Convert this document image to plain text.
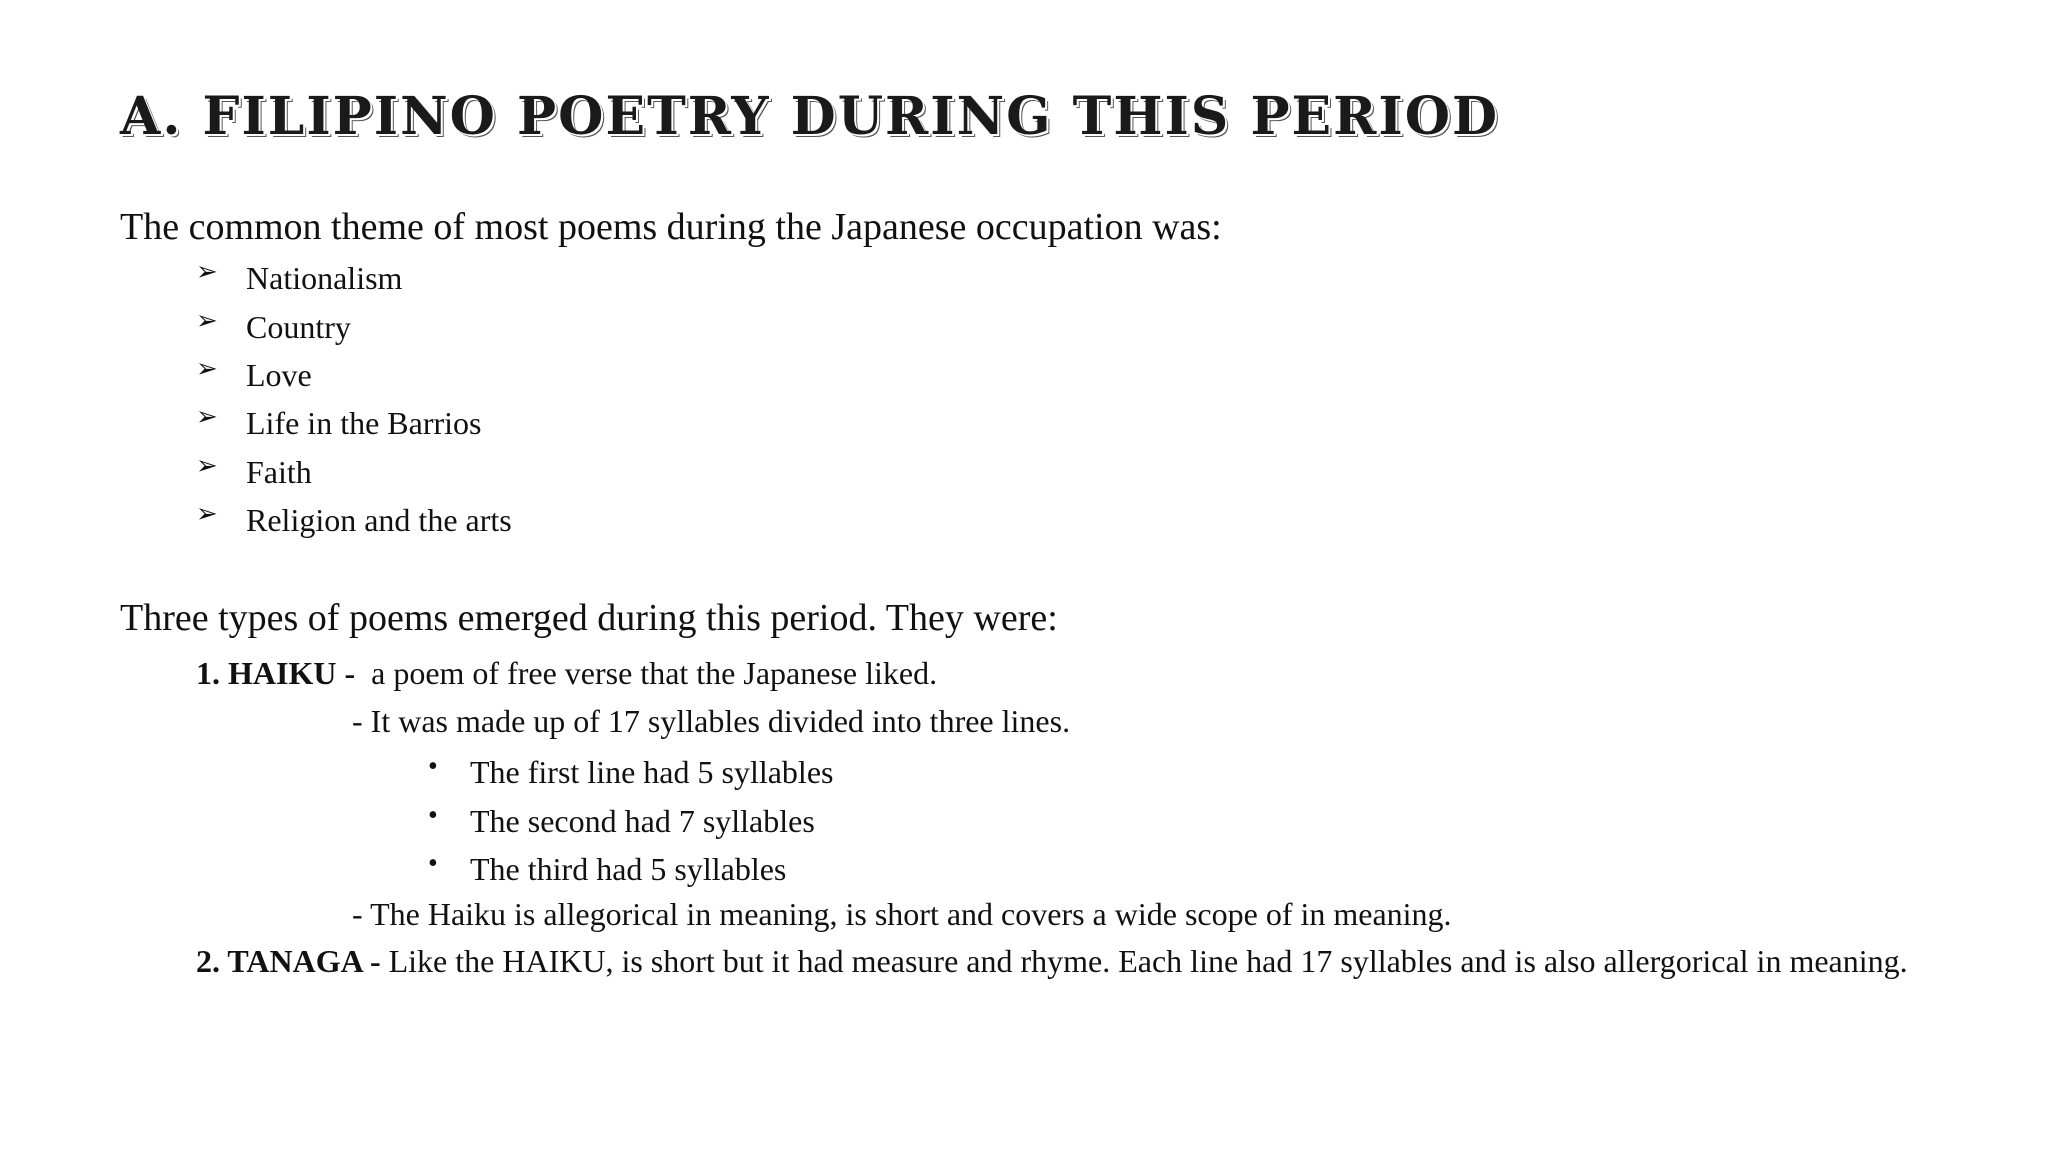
A. FILIPINO POETRY DURING THIS PERIOD

The common theme of most poems during the Japanese occupation was:

➢ Nationalism
➢ Country
➢ Love
➢ Life in the Barrios
➢ Faith
➢ Religion and the arts

Three types of poems emerged during this period. They were:

1. HAIKU - a poem of free verse that the Japanese liked.

- It was made up of 17 syllables divided into three lines.

•	The first line had 5 syllables
•	The second had 7 syllables
•	The third had 5 syllables

- The Haiku is allegorical in meaning, is short and covers a wide scope of in meaning.

2. TANAGA - Like the HAIKU, is short but it had measure and rhyme. Each line had 17 syllables and is also allergorical in meaning.
